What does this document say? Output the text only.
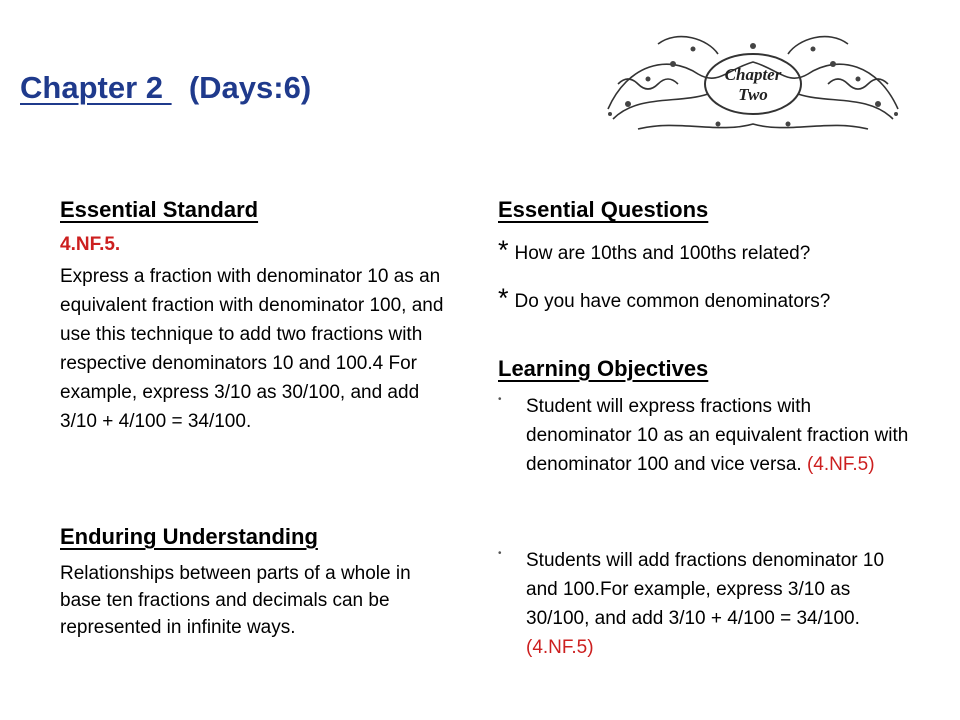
Chapter 2   (Days:6)	Chapter
Two
Essential Standard
4.NF.5.
Express a fraction with denominator 10 as an equivalent fraction with denominator 100, and use this technique to add two fractions with respective denominators 10 and 100.4 For example, express 3/10 as 30/100, and add 3/10 + 4/100 = 34/100.
Enduring Understanding
Relationships between parts of a whole in base ten fractions and decimals can be represented in infinite ways.
Essential Questions
* How are 10ths and 100ths related?
* Do you have common denominators?
Learning Objectives
• Student will express fractions with denominator 10 as an equivalent fraction with denominator 100 and vice versa. (4.NF.5)
• Students will add fractions denominator 10 and 100.For example, express 3/10 as 30/100, and add 3/10 + 4/100 = 34/100. (4.NF.5)
